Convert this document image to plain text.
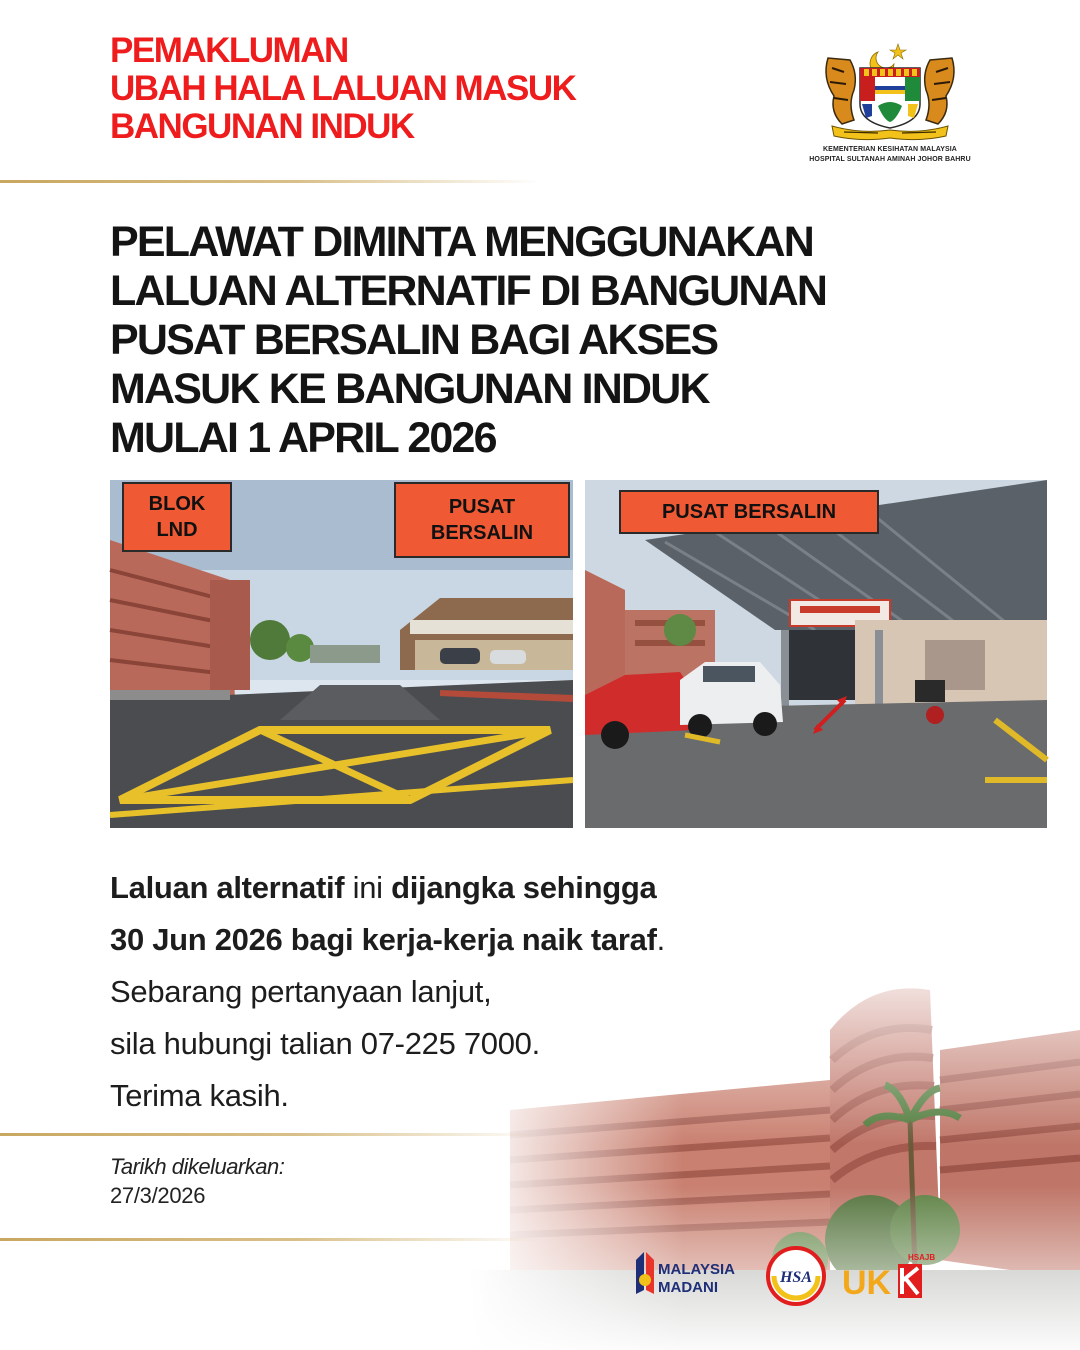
PEMAKLUMAN
UBAH HALA LALUAN MASUK
BANGUNAN INDUK
KEMENTERIAN KESIHATAN MALAYSIA
HOSPITAL SULTANAH AMINAH JOHOR BAHRU
PELAWAT DIMINTA MENGGUNAKAN
LALUAN ALTERNATIF DI BANGUNAN
PUSAT BERSALIN BAGI AKSES
MASUK KE BANGUNAN INDUK
MULAI 1 APRIL 2026
BLOK
LND
PUSAT
BERSALIN
PUSAT BERSALIN
Laluan alternatif ini dijangka sehingga
30 Jun 2026 bagi kerja-kerja naik taraf.
Sebarang pertanyaan lanjut,
sila hubungi talian 07-225 7000.
Terima kasih.
Tarikh dikeluarkan:
27/3/2026
MALAYSIA
MADANI
HSA UK
HSAJB
